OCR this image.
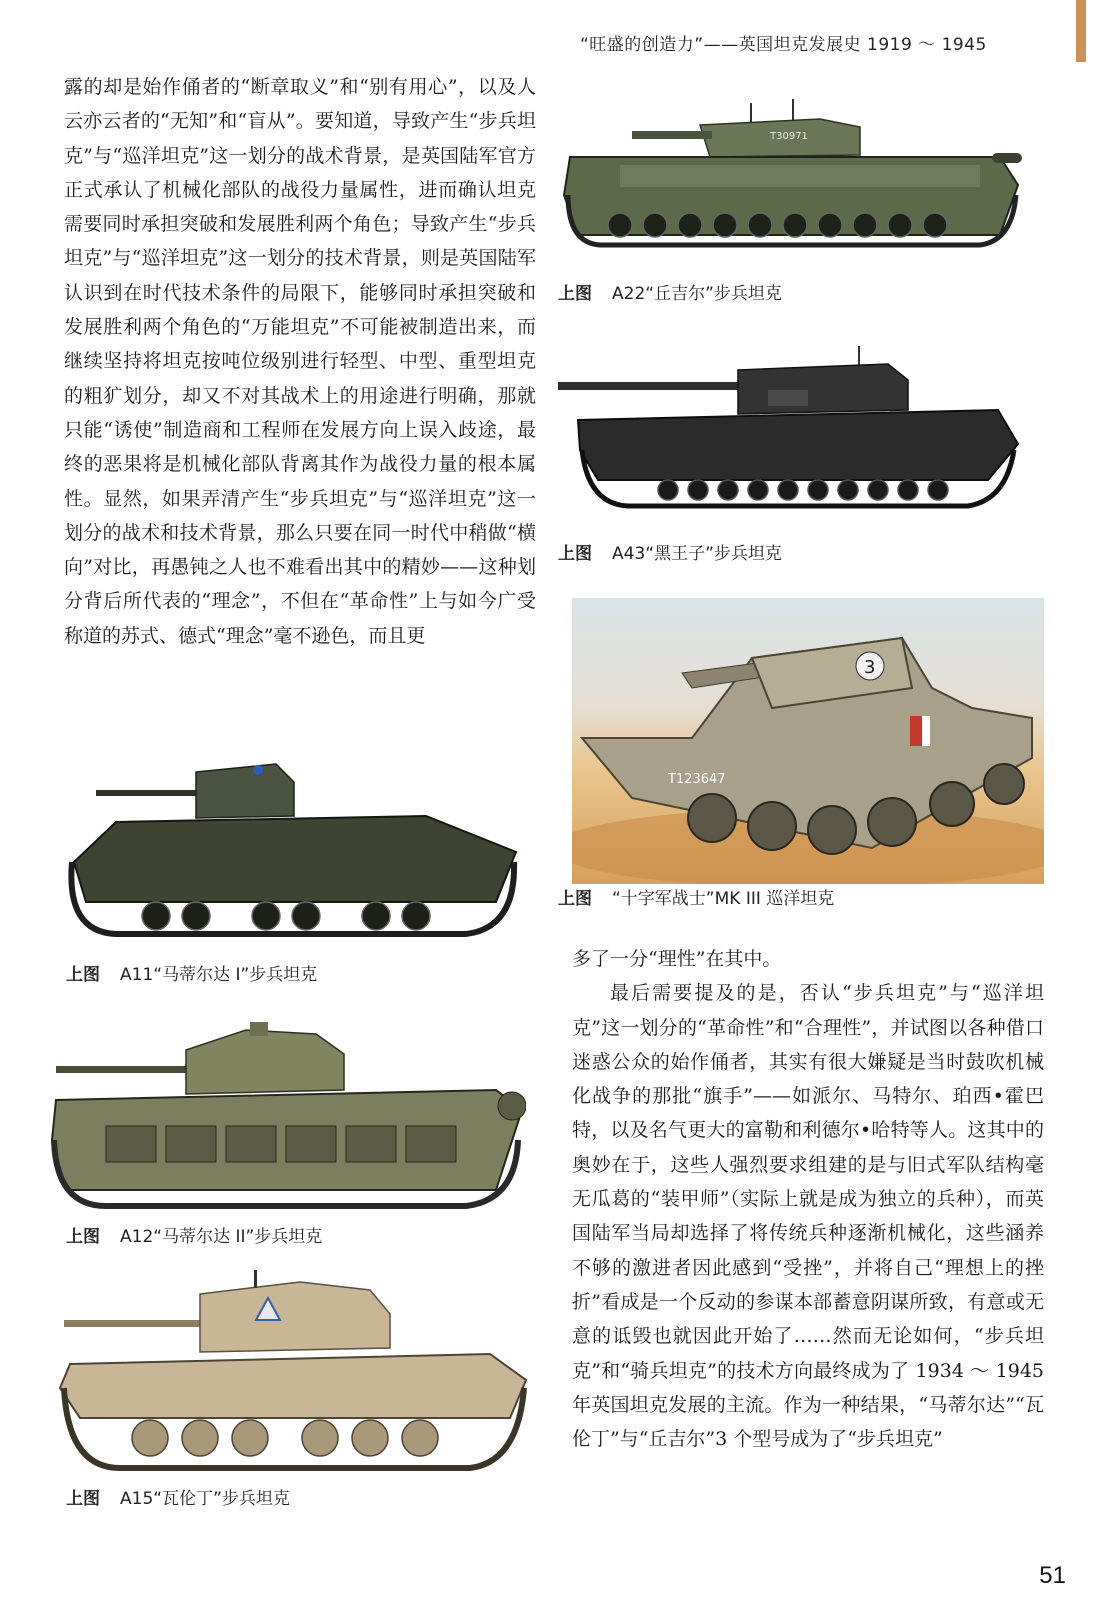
“旺盛的创造力”——英国坦克发展史 1919 ～ 1945

露的却是始作俑者的“断章取义”和“别有用心”，以及人云亦云者的“无知”和“盲从”。要知道，导致产生“步兵坦克”与“巡洋坦克”这一划分的战术背景，是英国陆军官方正式承认了机械化部队的战役力量属性，进而确认坦克需要同时承担突破和发展胜利两个角色；导致产生“步兵坦克”与“巡洋坦克”这一划分的技术背景，则是英国陆军认识到在时代技术条件的局限下，能够同时承担突破和发展胜利两个角色的“万能坦克”不可能被制造出来，而继续坚持将坦克按吨位级别进行轻型、中型、重型坦克的粗犷划分，却又不对其战术上的用途进行明确，那就只能“诱使”制造商和工程师在发展方向上误入歧途，最终的恶果将是机械化部队背离其作为战役力量的根本属性。显然，如果弄清产生“步兵坦克”与“巡洋坦克”这一划分的战术和技术背景，那么只要在同一时代中稍做“横向”对比，再愚钝之人也不难看出其中的精妙——这种划分背后所代表的“理念”，不但在“革命性”上与如今广受称道的苏式、德式“理念”毫不逊色，而且更

多了一分“理性”在其中。

最后需要提及的是，否认“步兵坦克”与“巡洋坦克”这一划分的“革命性”和“合理性”，并试图以各种借口迷惑公众的始作俑者，其实有很大嫌疑是当时鼓吹机械化战争的那批“旗手”——如派尔、马特尔、珀西•霍巴特，以及名气更大的富勒和利德尔•哈特等人。这其中的奥妙在于，这些人强烈要求组建的是与旧式军队结构毫无瓜葛的“装甲师”（实际上就是成为独立的兵种），而英国陆军当局却选择了将传统兵种逐渐机械化，这些涵养不够的激进者因此感到“受挫”，并将自己“理想上的挫折”看成是一个反动的参谋本部蓄意阴谋所致，有意或无意的诋毁也就因此开始了……然而无论如何，“步兵坦克”和“骑兵坦克”的技术方向最终成为了 1934 ～ 1945 年英国坦克发展的主流。作为一种结果，“马蒂尔达”“瓦伦丁”与“丘吉尔”3 个型号成为了“步兵坦克”

T30971
上图 A22“丘吉尔”步兵坦克
上图 A43“黑王子”步兵坦克
3
T123647
上图 “十字军战士”MK III 巡洋坦克
上图 A11“马蒂尔达 I”步兵坦克
上图 A12“马蒂尔达 II”步兵坦克
上图 A15“瓦伦丁”步兵坦克
51
